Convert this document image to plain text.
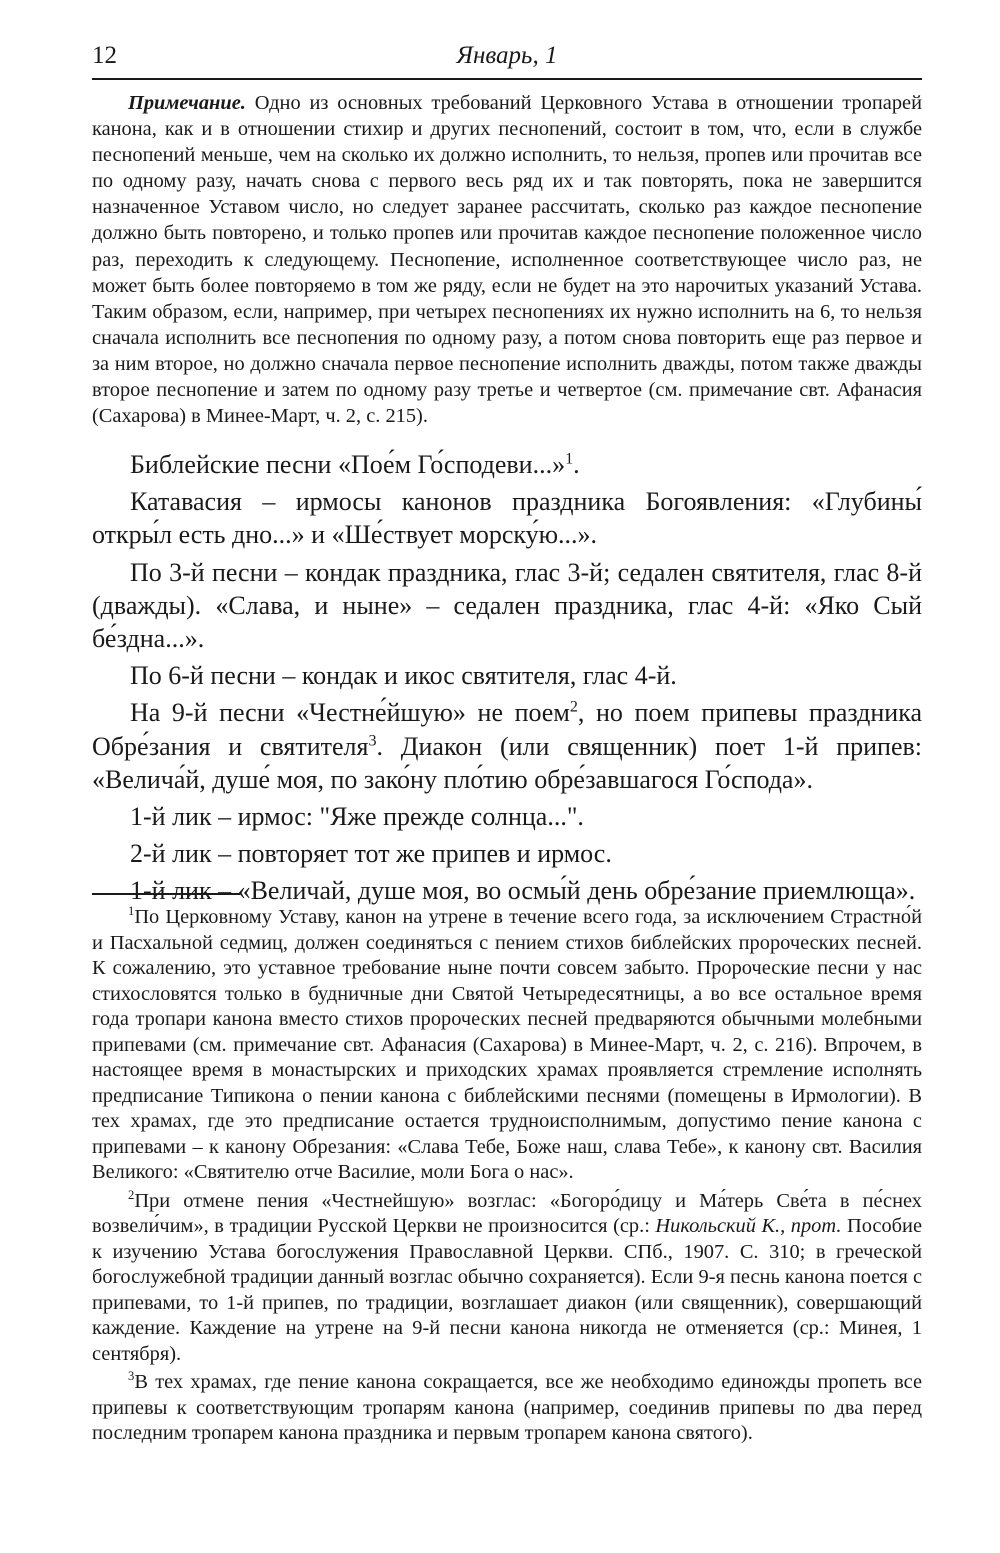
12	Январь, 1

Примечание. Одно из основных требований Церковного Устава в отношении тропарей канона, как и в отношении стихир и других песнопений, состоит в том, что, если в службе песнопений меньше, чем на сколько их должно исполнить, то нельзя, пропев или прочитав все по одному разу, начать снова с первого весь ряд их и так повторять, пока не завершится назначенное Уставом число, но следует заранее рассчитать, сколько раз каждое песнопение должно быть повторено, и только пропев или прочитав каждое песнопение положенное число раз, переходить к следующему. Песнопение, исполненное соответствующее число раз, не может быть более повторяемо в том же ряду, если не будет на это нарочитых указаний Устава. Таким образом, если, например, при четырех песнопениях их нужно исполнить на 6, то нельзя сначала исполнить все песнопения по одному разу, а потом снова повторить еще раз первое и за ним второе, но должно сначала первое песнопение исполнить дважды, потом также дважды второе песнопение и затем по одному разу третье и четвертое (см. примечание свт. Афанасия (Сахарова) в Минее-Март, ч. 2, с. 215).

Библейские песни «Пое́м Го́сподеви...»$^1$.

Катавасия – ирмосы канонов праздника Богоявления: «Глубины́ откры́л есть дно...» и «Ше́ствует морску́ю...».

По 3-й песни – кондак праздника, глас 3-й; седален святителя, глас 8-й (дважды). «Слава, и ныне» – седален праздника, глас 4-й: «Яко Сый бе́здна...».

По 6-й песни – кондак и икос святителя, глас 4-й.

На 9-й песни «Честне́йшую» не поем$^2$, но поем припевы праздника Обре́зания и святителя$^3$. Диакон (или священник) поет 1-й припев: «Велича́й, душе́ моя, по зако́ну пло́тию обре́завшагося Го́спода».

1-й лик – ирмос: "Яже прежде солнца...".

2-й лик – повторяет тот же припев и ирмос.

1-й лик – «Величай, душе моя, во осмы́й день обре́зание приемлюща».

$^1$По Церковному Уставу, канон на утрене в течение всего года, за исключением Страстно́й и Пасхальной седмиц, должен соединяться с пением стихов библейских пророческих песней. К сожалению, это уставное требование ныне почти совсем забыто. Пророческие песни у нас стихословятся только в будничные дни Святой Четыредесятницы, а во все остальное время года тропари канона вместо стихов пророческих песней предваряются обычными молебными припевами (см. примечание свт. Афанасия (Сахарова) в Минее-Март, ч. 2, с. 216). Впрочем, в настоящее время в монастырских и приходских храмах проявляется стремление исполнять предписание Типикона о пении канона с библейскими песнями (помещены в Ирмологии). В тех храмах, где это предписание остается трудноисполнимым, допустимо пение канона с припевами – к канону Обрезания: «Слава Тебе, Боже наш, слава Тебе», к канону свт. Василия Великого: «Святителю отче Василие, моли Бога о нас».

$^2$При отмене пения «Честнейшую» возглас: «Богоро́дицу и Ма́терь Све́та в пе́снех возвели́чим», в традиции Русской Церкви не произносится (ср.: Никольский К., прот. Пособие к изучению Устава богослужения Православной Церкви. СПб., 1907. С. 310; в греческой богослужебной традиции данный возглас обычно сохраняется). Если 9-я песнь канона поется с припевами, то 1-й припев, по традиции, возглашает диакон (или священник), совершающий каждение. Каждение на утрене на 9-й песни канона никогда не отменяется (ср.: Минея, 1 сентября).

$^3$В тех храмах, где пение канона сокращается, все же необходимо единожды пропеть все припевы к соответствующим тропарям канона (например, соединив припевы по два перед последним тропарем канона праздника и первым тропарем канона святого).
